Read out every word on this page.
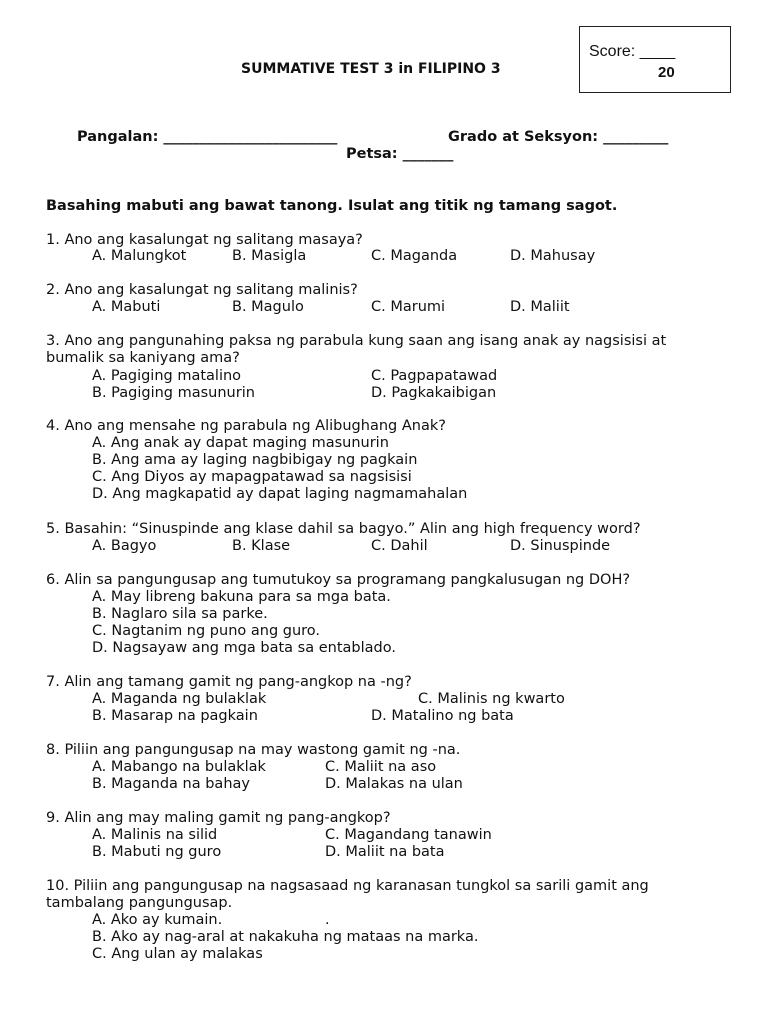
Score: ____
20
SUMMATIVE TEST 3 in FILIPINO 3
Pangalan: ________________________	Grado at Seksyon: _________
Petsa: _______
Basahing mabuti ang bawat tanong. Isulat ang titik ng tamang sagot.
1. Ano ang kasalungat ng salitang masaya?
A. Malungkot	B. Masigla	C. Maganda	D. Mahusay
2. Ano ang kasalungat ng salitang malinis?
A. Mabuti	B. Magulo	C. Marumi	D. Maliit
3. Ano ang pangunahing paksa ng parabula kung saan ang isang anak ay nagsisisi at bumalik sa kaniyang ama?
A. Pagiging matalino	C. Pagpapatawad
B. Pagiging masunurin	D. Pagkakaibigan
4. Ano ang mensahe ng parabula ng Alibughang Anak?
A. Ang anak ay dapat maging masunurin
B. Ang ama ay laging nagbibigay ng pagkain
C. Ang Diyos ay mapagpatawad sa nagsisisi
D. Ang magkapatid ay dapat laging nagmamahalan
5. Basahin: “Sinuspinde ang klase dahil sa bagyo.” Alin ang high frequency word?
A. Bagyo	B. Klase	C. Dahil	D. Sinuspinde
6. Alin sa pangungusap ang tumutukoy sa programang pangkalusugan ng DOH?
A. May libreng bakuna para sa mga bata.
B. Naglaro sila sa parke.
C. Nagtanim ng puno ang guro.
D. Nagsayaw ang mga bata sa entablado.
7. Alin ang tamang gamit ng pang-angkop na -ng?
A. Maganda ng bulaklak	C. Malinis ng kwarto
B. Masarap na pagkain	D. Matalino ng bata
8. Piliin ang pangungusap na may wastong gamit ng -na.
A. Mabango na bulaklak	C. Maliit na aso
B. Maganda na bahay	D. Malakas na ulan
9. Alin ang may maling gamit ng pang-angkop?
A. Malinis na silid	C. Magandang tanawin
B. Mabuti ng guro	D. Maliit na bata
10. Piliin ang pangungusap na nagsasaad ng karanasan tungkol sa sarili gamit ang tambalang pangungusap.
A. Ako ay kumain.	.
B. Ako ay nag-aral at nakakuha ng mataas na marka.
C. Ang ulan ay malakas
